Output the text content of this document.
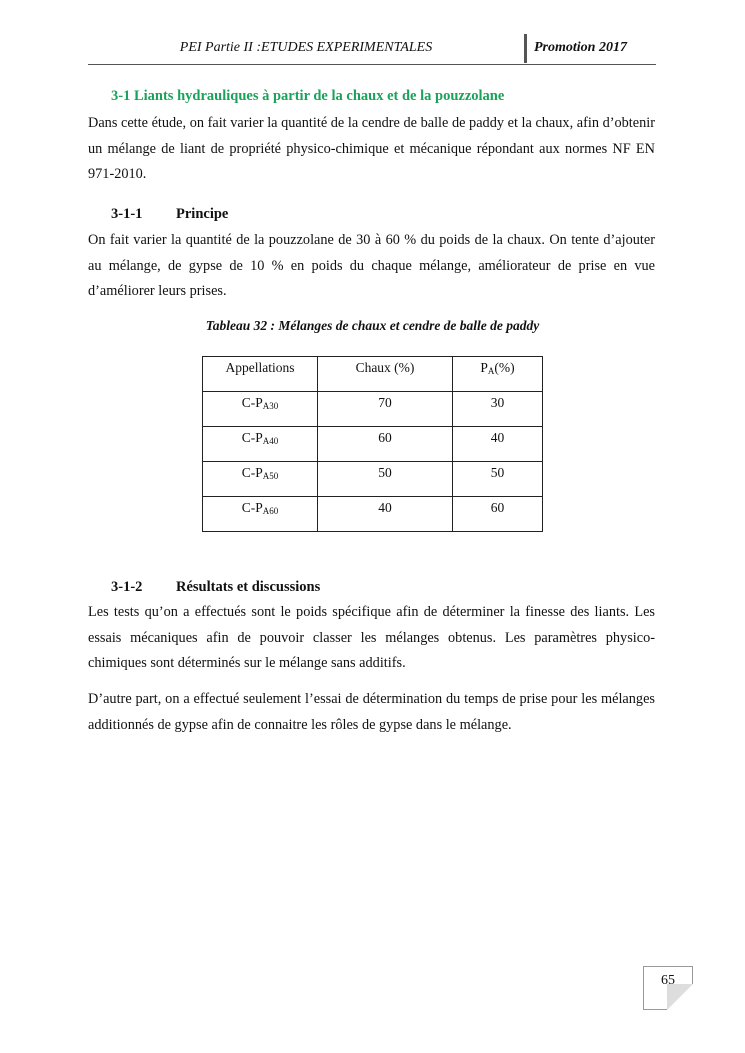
PEI Partie II :ETUDES EXPERIMENTALES	Promotion 2017
3-1 Liants hydrauliques à partir de la chaux et de la pouzzolane
Dans cette étude, on fait varier la quantité de la cendre de balle de paddy et la chaux, afin d’obtenir un mélange de liant de propriété physico-chimique et mécanique répondant aux normes NF EN 971-2010.
3-1-1 Principe
On fait varier la quantité de la pouzzolane de 30 à 60 % du poids de la chaux. On tente d’ajouter au mélange, de gypse de 10 % en poids du chaque mélange, améliorateur de prise en vue d’améliorer leurs prises.
Tableau 32 : Mélanges de chaux et cendre de balle de paddy
Appellations	Chaux (%)	$P_A(\%)$
$C-P_{A30}$	70	30
$C-P_{A40}$	60	40
$C-P_{A50}$	50	50
$C-P_{A60}$	40	60
3-1-2 Résultats et discussions
Les tests qu’on a effectués sont le poids spécifique afin de déterminer la finesse des liants. Les essais mécaniques afin de pouvoir classer les mélanges obtenus. Les paramètres physico-chimiques sont déterminés sur le mélange sans additifs.
D’autre part, on a effectué seulement l’essai de détermination du temps de prise pour les mélanges additionnés de gypse afin de connaitre les rôles de gypse dans le mélange.
65
